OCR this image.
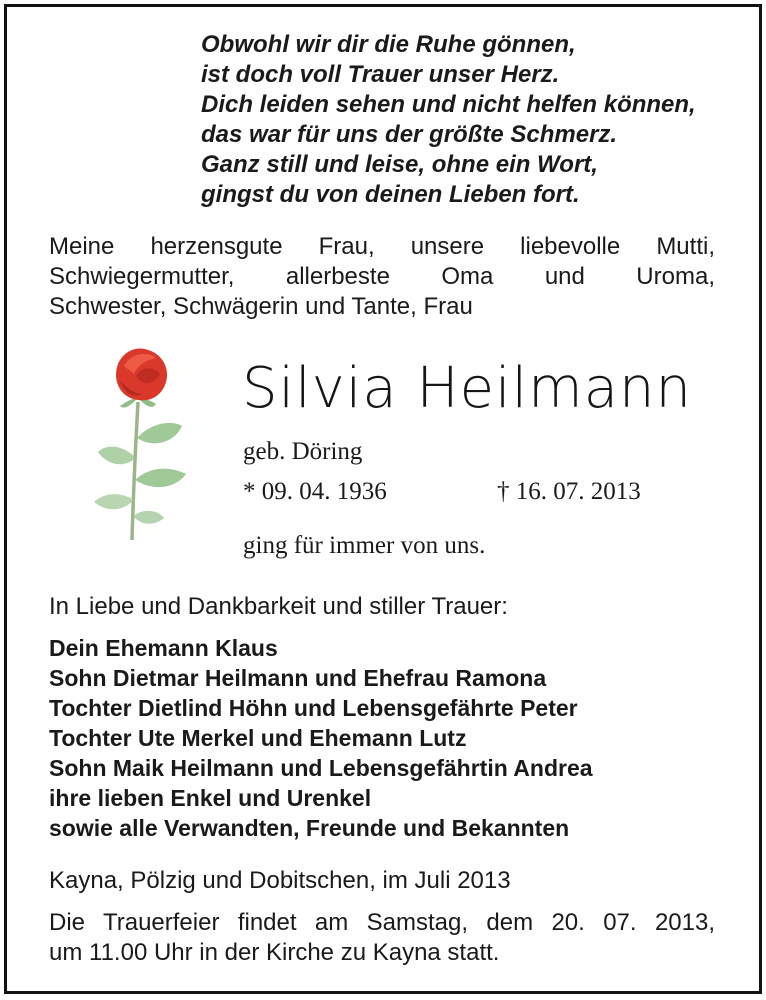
Obwohl wir dir die Ruhe gönnen,
ist doch voll Trauer unser Herz.
Dich leiden sehen und nicht helfen können,
das war für uns der größte Schmerz.
Ganz still und leise, ohne ein Wort,
gingst du von deinen Lieben fort.
Meine herzensgute Frau, unsere liebevolle Mutti,
Schwiegermutter, allerbeste Oma und Uroma,
Schwester, Schwägerin und Tante, Frau
Silvia Heilmann
geb. Döring
* 09. 04. 1936	† 16. 07. 2013
ging für immer von uns.
In Liebe und Dankbarkeit und stiller Trauer:
Dein Ehemann Klaus
Sohn Dietmar Heilmann und Ehefrau Ramona
Tochter Dietlind Höhn und Lebensgefährte Peter
Tochter Ute Merkel und Ehemann Lutz
Sohn Maik Heilmann und Lebensgefährtin Andrea
ihre lieben Enkel und Urenkel
sowie alle Verwandten, Freunde und Bekannten
Kayna, Pölzig und Dobitschen, im Juli 2013
Die Trauerfeier findet am Samstag, dem 20. 07. 2013,
um 11.00 Uhr in der Kirche zu Kayna statt.
